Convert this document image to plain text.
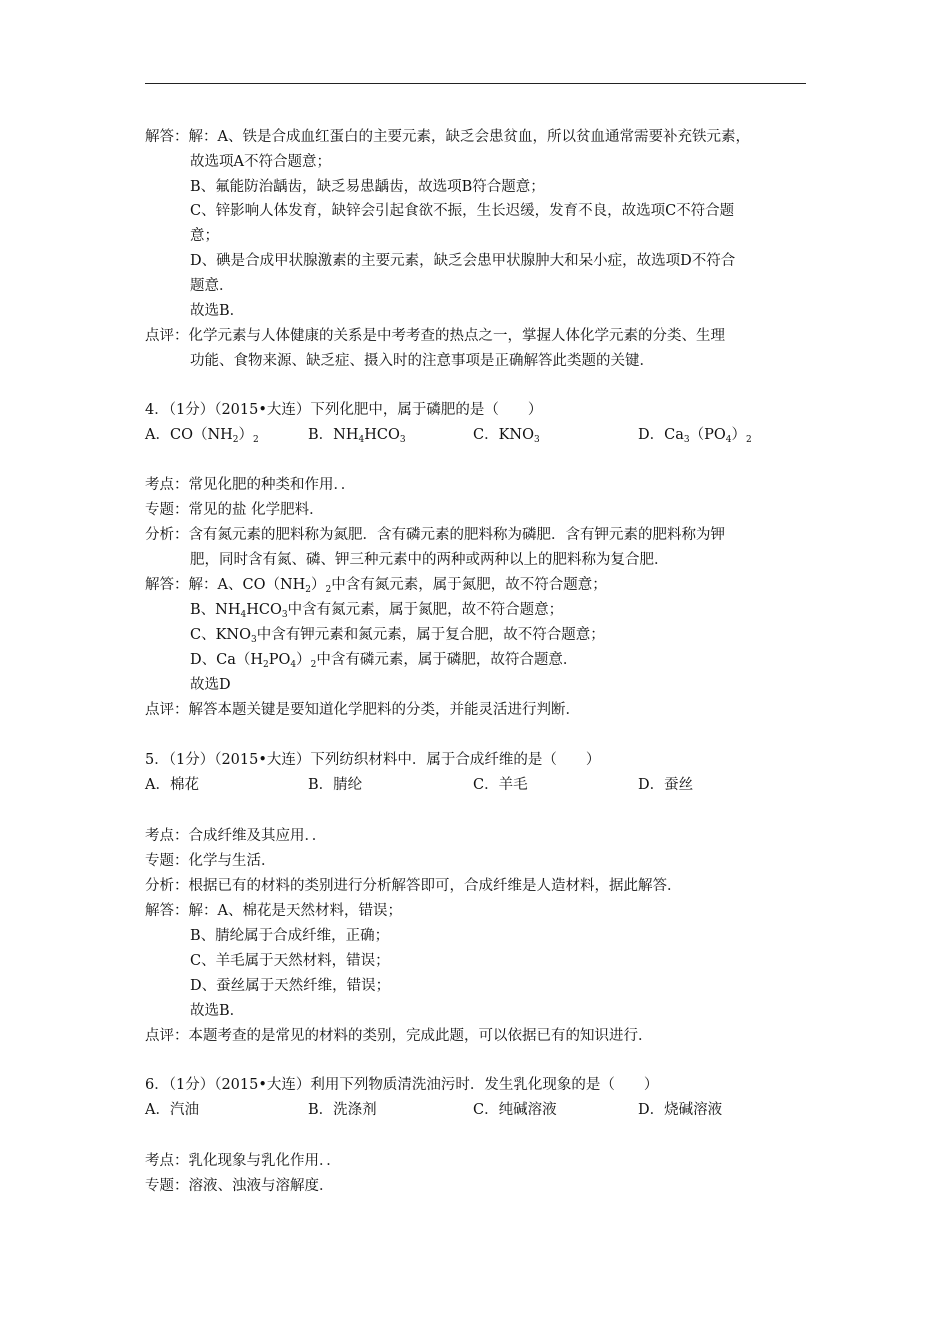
解答：解：A、铁是合成血红蛋白的主要元素，缺乏会患贫血，所以贫血通常需要补充铁元素，
故选项A不符合题意；
B、氟能防治龋齿，缺乏易患龋齿，故选项B符合题意；
C、锌影响人体发育，缺锌会引起食欲不振，生长迟缓，发育不良，故选项C不符合题
意；
D、碘是合成甲状腺激素的主要元素，缺乏会患甲状腺肿大和呆小症，故选项D不符合
题意．
故选B．
点评：化学元素与人体健康的关系是中考考查的热点之一，掌握人体化学元素的分类、生理
功能、食物来源、缺乏症、摄入时的注意事项是正确解答此类题的关键．
4．（1分）（2015•大连）下列化肥中，属于磷肥的是（　　）
A．$CO(NH_2)_2$	B．$NH_4HCO_3$	C．$KNO_3$	D．$Ca_3(PO_4)_2$
考点：常见化肥的种类和作用．．
专题：常见的盐 化学肥料．
分析：含有氮元素的肥料称为氮肥．含有磷元素的肥料称为磷肥．含有钾元素的肥料称为钾
肥，同时含有氮、磷、钾三种元素中的两种或两种以上的肥料称为复合肥．
解答：解：A、$CO(NH_2)_2$中含有氮元素，属于氮肥，故不符合题意；
B、$NH_4HCO_3$中含有氮元素，属于氮肥，故不符合题意；
C、$KNO_3$中含有钾元素和氮元素，属于复合肥，故不符合题意；
D、$Ca(H_2PO_4)_2$中含有磷元素，属于磷肥，故符合题意．
故选D
点评：解答本题关键是要知道化学肥料的分类，并能灵活进行判断．
5．（1分）（2015•大连）下列纺织材料中．属于合成纤维的是（　　）
A．棉花	B．腈纶	C．羊毛	D．蚕丝
考点：合成纤维及其应用．．
专题：化学与生活．
分析：根据已有的材料的类别进行分析解答即可，合成纤维是人造材料，据此解答．
解答：解：A、棉花是天然材料，错误；
B、腈纶属于合成纤维，正确；
C、羊毛属于天然材料，错误；
D、蚕丝属于天然纤维，错误；
故选B．
点评：本题考查的是常见的材料的类别，完成此题，可以依据已有的知识进行．
6．（1分）（2015•大连）利用下列物质清洗油污时．发生乳化现象的是（　　）
A．汽油	B．洗涤剂	C．纯碱溶液	D．烧碱溶液
考点：乳化现象与乳化作用．．
专题：溶液、浊液与溶解度．
